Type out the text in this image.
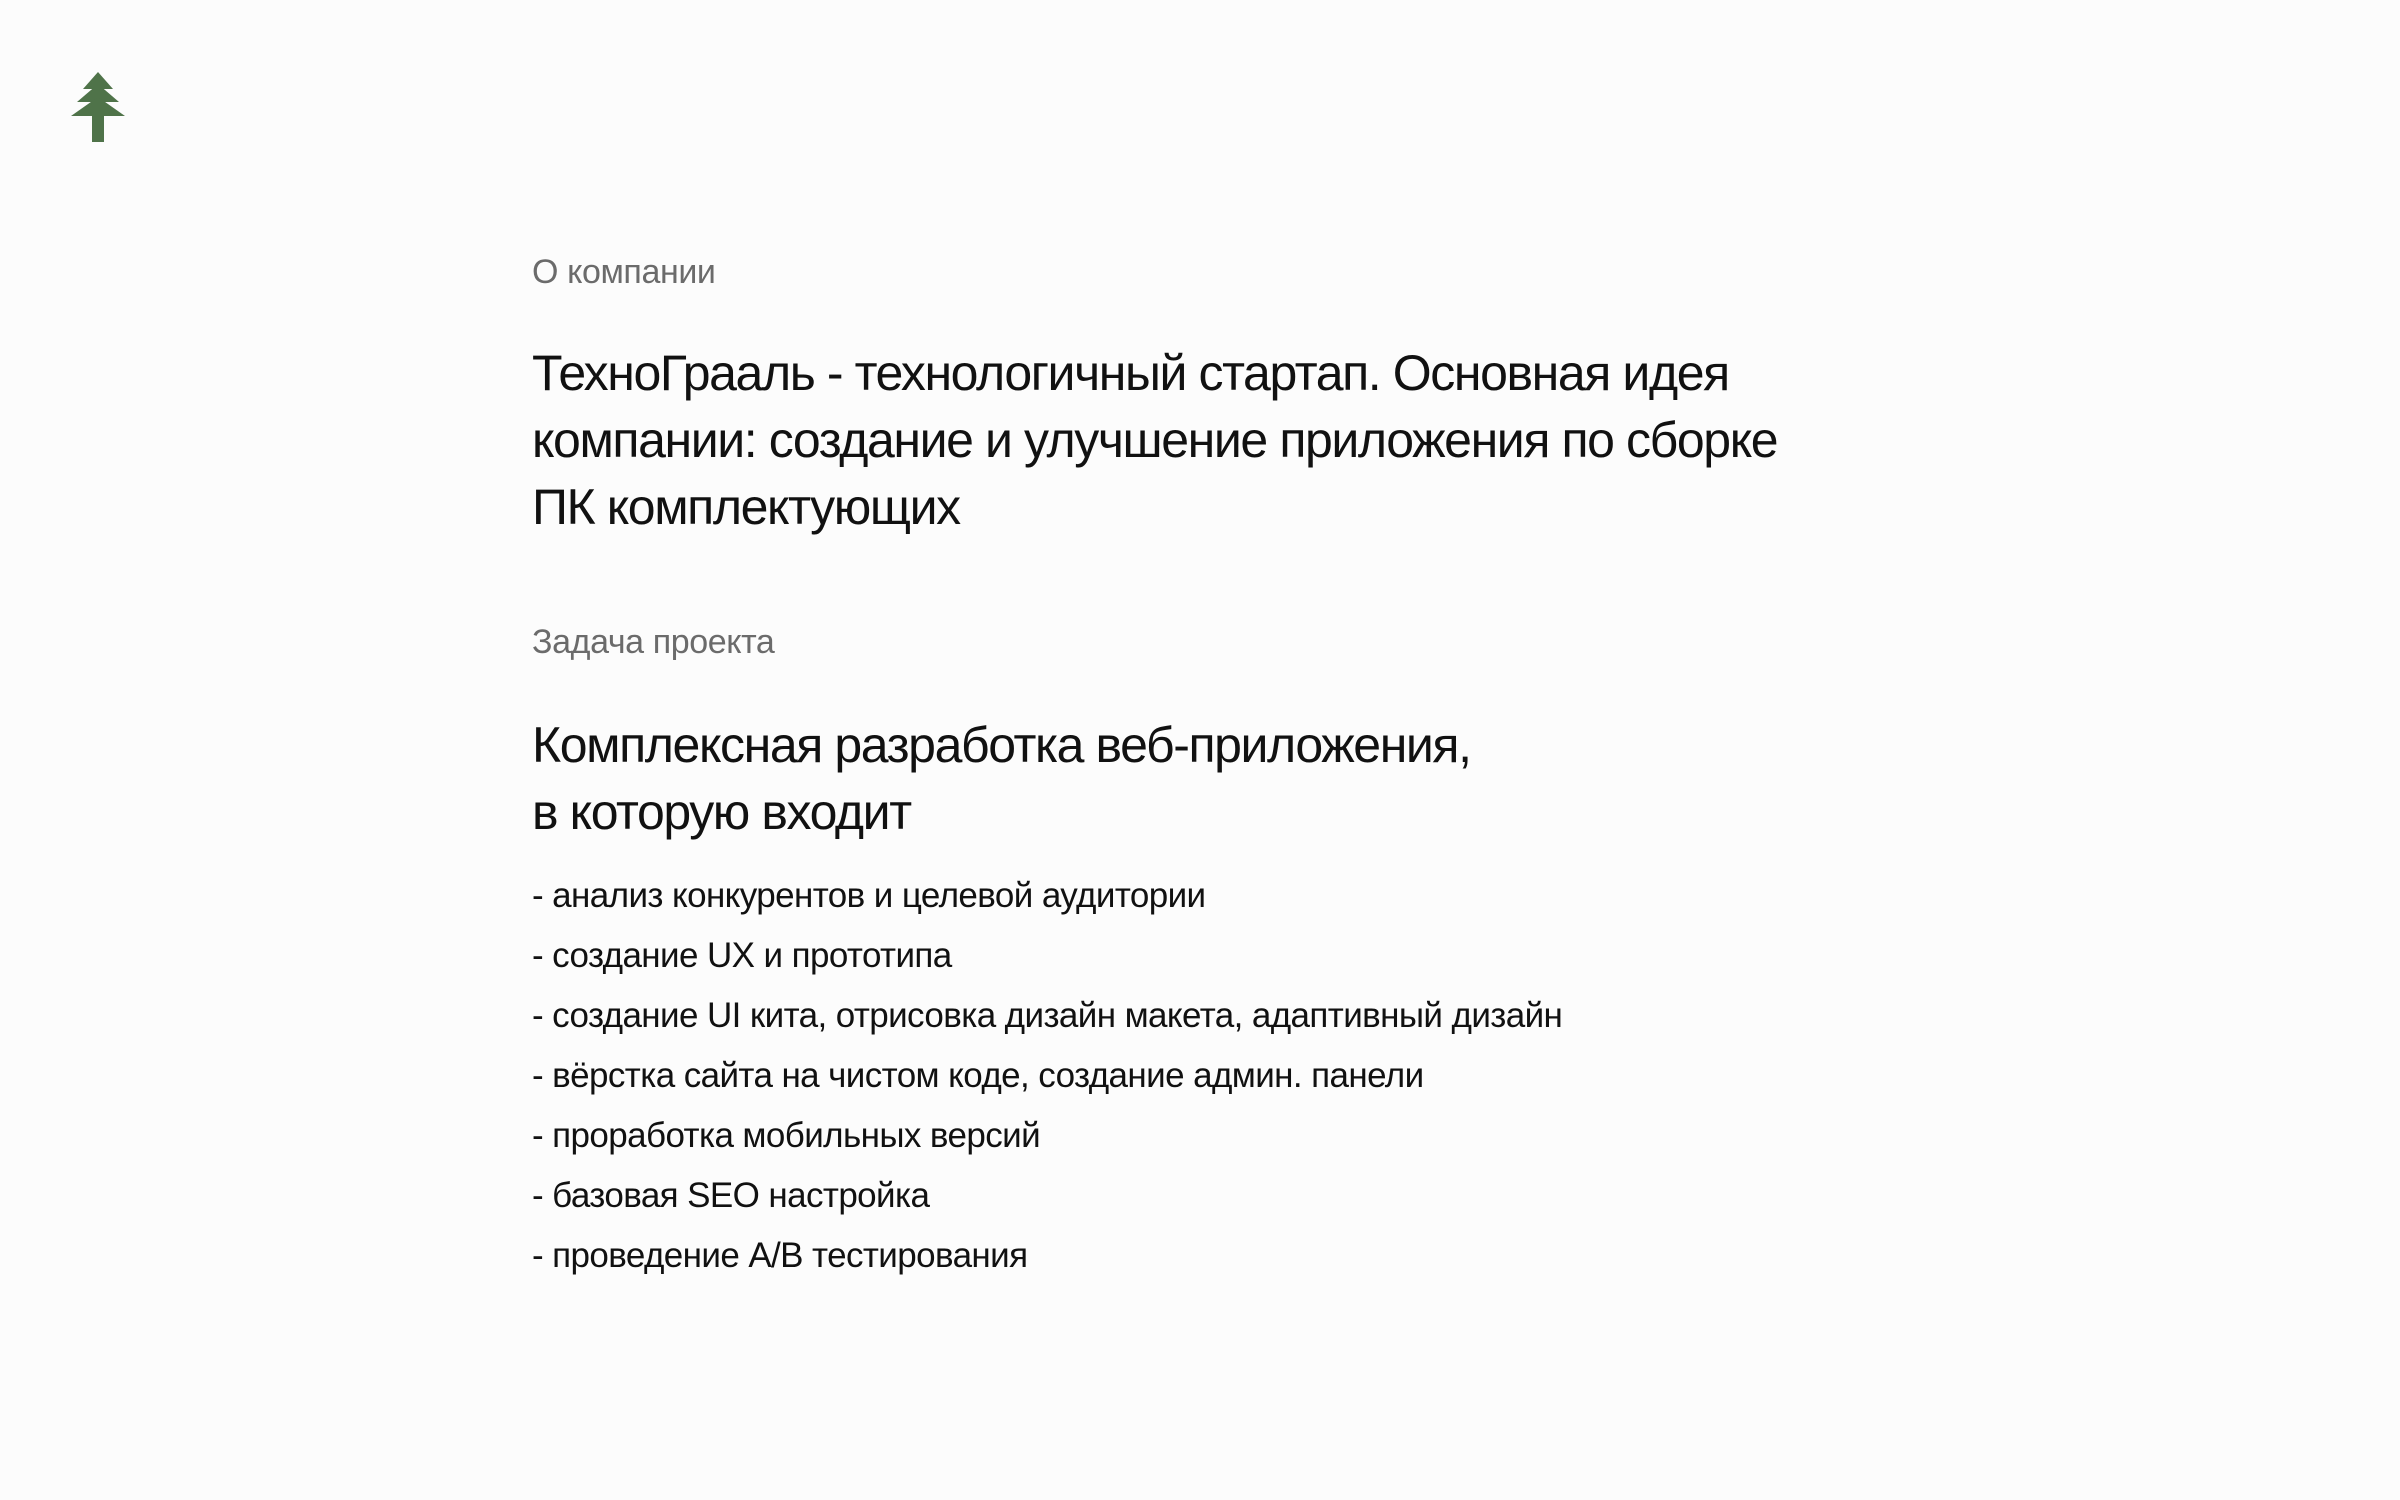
О компании
ТехноГрааль - технологичный стартап. Основная идея
компании: создание и улучшение приложения по сборке
ПК комплектующих
Задача проекта
Комплексная разработка веб-приложения,
в которую входит
- анализ конкурентов и целевой аудитории
- создание UX и прототипа
- создание UI кита, отрисовка дизайн макета, адаптивный дизайн
- вёрстка сайта на чистом коде, создание админ. панели
- проработка мобильных версий
- базовая SEO настройка
- проведение A/B тестирования
